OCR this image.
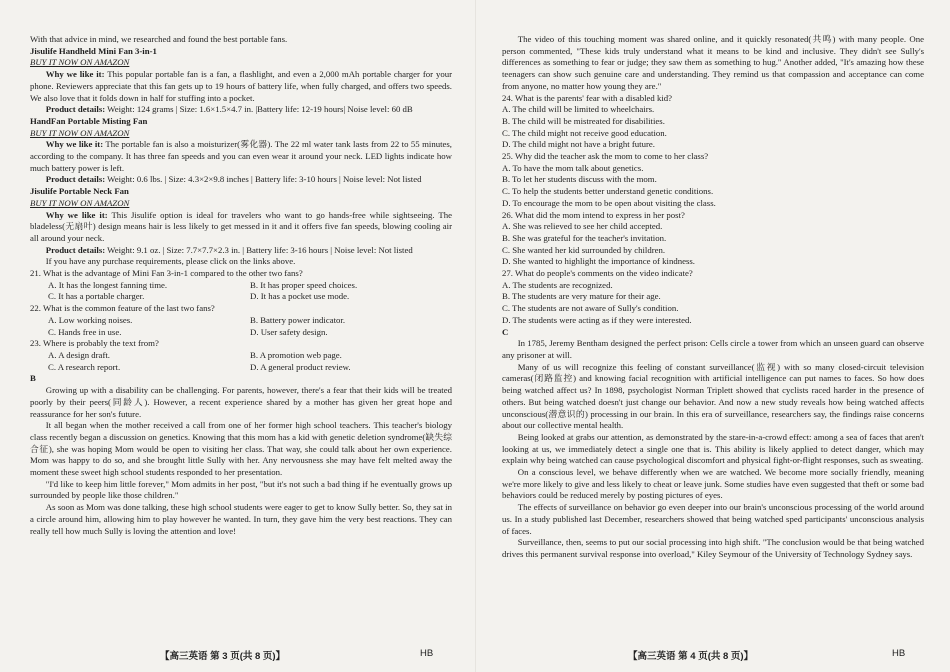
With that advice in mind, we researched and found the best portable fans.

Jisulife Handheld Mini Fan 3-in-1

BUY IT NOW ON AMAZON

Why we like it: This popular portable fan is a fan, a flashlight, and even a 2,000 mAh portable charger for your phone. Reviewers appreciate that this fan gets up to 19 hours of battery life, when fully charged, and offers two speeds. We also love that it folds down in half for stuffing into a pocket.

Product details: Weight: 124 grams | Size: 1.6×1.5×4.7 in. |Battery life: 12-19 hours| Noise level: 60 dB

HandFan Portable Misting Fan

BUY IT NOW ON AMAZON

Why we like it: The portable fan is also a moisturizer(雾化器). The 22 ml water tank lasts from 22 to 55 minutes, according to the company. It has three fan speeds and you can even wear it around your neck. LED lights indicate how much battery power is left.

Product details: Weight: 0.6 lbs. | Size: 4.3×2×9.8 inches | Battery life: 3-10 hours | Noise level: Not listed

Jisulife Portable Neck Fan

BUY IT NOW ON AMAZON

Why we like it: This Jisulife option is ideal for travelers who want to go hands-free while sightseeing. The bladeless(无扇叶) design means hair is less likely to get messed in it and it offers five fan speeds, blowing cooling air all around your neck.

Product details: Weight: 9.1 oz. | Size: 7.7×7.7×2.3 in. | Battery life: 3-16 hours | Noise level: Not listed

If you have any purchase requirements, please click on the links above.

21. What is the advantage of Mini Fan 3-in-1 compared to the other two fans?

A. It has the longest fanning time.	B. It has proper speed choices.
C. It has a portable charger.	D. It has a pocket use mode.

22. What is the common feature of the last two fans?

A. Low working noises.	B. Battery power indicator.
C. Hands free in use.	D. User safety design.

23. Where is probably the text from?

A. A design draft.	B. A promotion web page.
C. A research report.	D. A general product review.

B

Growing up with a disability can be challenging. For parents, however, there's a fear that their kids will be treated poorly by their peers(同龄人). However, a recent experience shared by a mother has given her great hope and reassurance for her son's future.

It all began when the mother received a call from one of her former high school teachers. This teacher's biology class recently began a discussion on genetics. Knowing that this mom has a kid with genetic deletion syndrome(缺失综合征), she was hoping Mom would be open to visiting her class. That way, she could talk about her own experience. Mom was happy to do so, and she brought little Sully with her. Any nervousness she may have felt melted away the moment these sweet high school students responded to her presentation.

"I'd like to keep him little forever," Mom admits in her post, "but it's not such a bad thing if he eventually grows up surrounded by people like those children."

As soon as Mom was done talking, these high school students were eager to get to know Sully better. So, they sat in a circle around him, allowing him to play however he wanted. In turn, they gave him the very best reactions. They can really tell how much Sully is loving the attention and love!

【高三英语 第 3 页(共 8 页)】	HB

The video of this touching moment was shared online, and it quickly resonated(共鸣) with many people. One person commented, "These kids truly understand what it means to be kind and inclusive. They didn't see Sully's differences as something to fear or judge; they saw them as something to hug." Another added, "It's amazing how these teenagers can show such genuine care and understanding. They remind us that compassion and acceptance can come from anyone, no matter how young they are."

24. What is the parents' fear with a disabled kid?

A. The child will be limited to wheelchairs.

B. The child will be mistreated for disabilities.

C. The child might not receive good education.

D. The child might not have a bright future.

25. Why did the teacher ask the mom to come to her class?

A. To have the mom talk about genetics.

B. To let her students discuss with the mom.

C. To help the students better understand genetic conditions.

D. To encourage the mom to be open about visiting the class.

26. What did the mom intend to express in her post?

A. She was relieved to see her child accepted.

B. She was grateful for the teacher's invitation.

C. She wanted her kid surrounded by children.

D. She wanted to highlight the importance of kindness.

27. What do people's comments on the video indicate?

A. The students are recognized.

B. The students are very mature for their age.

C. The students are not aware of Sully's condition.

D. The students were acting as if they were interested.

C

In 1785, Jeremy Bentham designed the perfect prison: Cells circle a tower from which an unseen guard can observe any prisoner at will.

Many of us will recognize this feeling of constant surveillance(监视) with so many closed-circuit television cameras(闭路监控) and knowing facial recognition with artificial intelligence can put names to faces. So how does being watched affect us? In 1898, psychologist Norman Triplett showed that cyclists raced harder in the presence of others. But being watched doesn't just change our behavior. And now a new study reveals how being watched affects unconscious(潜意识的) processing in our brain. In this era of surveillance, researchers say, the findings raise concerns about our collective mental health.

Being looked at grabs our attention, as demonstrated by the stare-in-a-crowd effect: among a sea of faces that aren't looking at us, we immediately detect a single one that is. This ability is likely applied to detect danger, which may explain why being watched can cause psychological discomfort and physical fight-or-flight responses, such as sweating.

On a conscious level, we behave differently when we are watched. We become more socially friendly, meaning we're more likely to give and less likely to cheat or leave junk. Some studies have even suggested that theft or some bad behaviors could be reduced merely by posting pictures of eyes.

The effects of surveillance on behavior go even deeper into our brain's unconscious processing of the world around us. In a study published last December, researchers showed that being watched sped participants' unconscious analysis of faces.

Surveillance, then, seems to put our social processing into high shift. "The conclusion would be that being watched drives this permanent survival response into overload," Kiley Seymour of the University of Technology Sydney says.

【高三英语 第 4 页(共 8 页)】	HB
